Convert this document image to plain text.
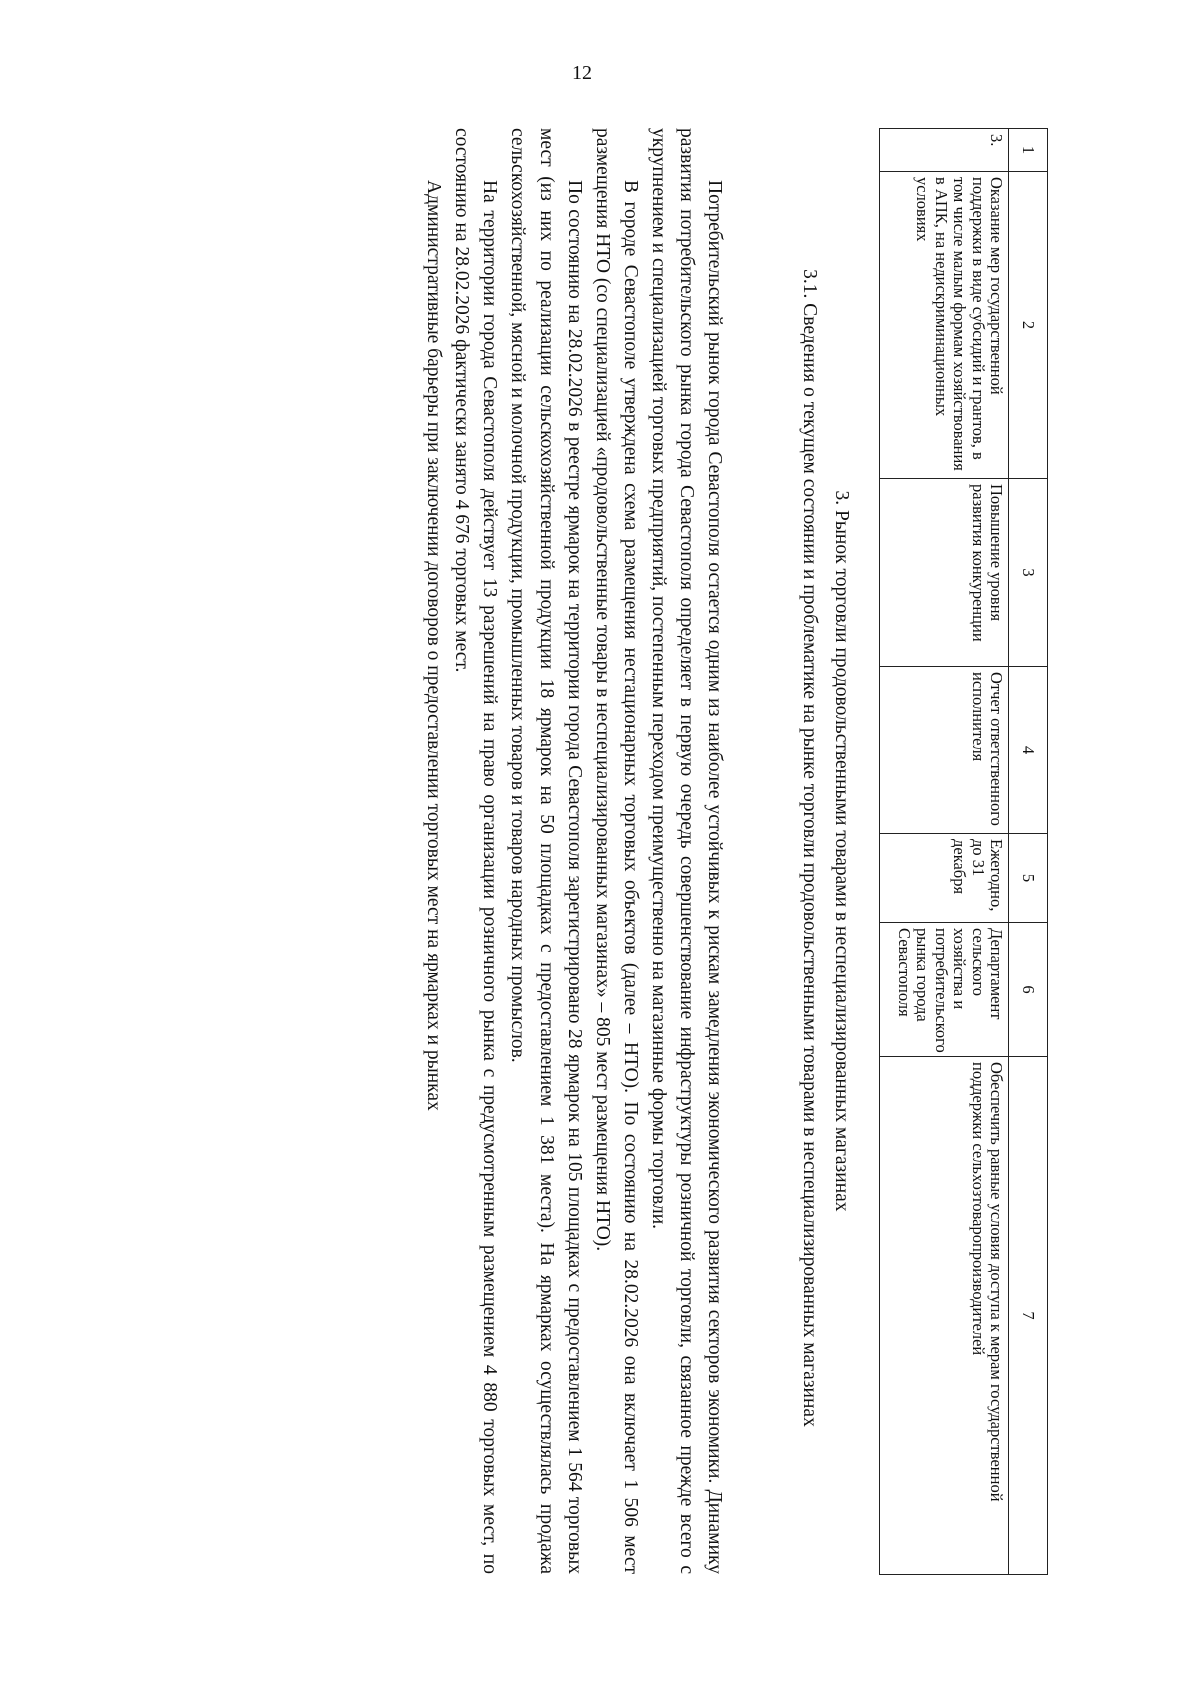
12
1	2	3	4	5	6	7
3.	Оказание мер государственной поддержки в виде субсидий и грантов, в том числе малым формам хозяйствования в АПК, на недискриминационных условиях	Повышение уровня развития конкуренции	Отчет ответственного исполнителя	Ежегодно, до 31 декабря	Департамент сельского хозяйства и потребительского рынка города Севастополя	Обеспечить равные условия доступа к мерам государственной поддержки сельхозтоваропроизводителей

3. Рынок торговли продовольственными товарами в неспециализированных магазинах

3.1. Сведения о текущем состоянии и проблематике на рынке торговли продовольственными товарами в неспециализированных магазинах

Потребительский рынок города Севастополя остается одним из наиболее устойчивых к рискам замедления экономического развития секторов экономики. Динамику развития потребительского рынка города Севастополя определяет в первую очередь совершенствование инфраструктуры розничной торговли, связанное прежде всего с укрупнением и специализацией торговых предприятий, постепенным переходом преимущественно на магазинные формы торговли.

В городе Севастополе утверждена схема размещения нестационарных торговых объектов (далее – НТО). По состоянию на 28.02.2026 она включает 1 506 мест размещения НТО (со специализацией «продовольственные товары в неспециализированных магазинах» – 805 мест размещения НТО).

По состоянию на 28.02.2026 в реестре ярмарок на территории города Севастополя зарегистрировано 28 ярмарок на 105 площадках с предоставлением 1 564 торговых мест (из них по реализации сельскохозяйственной продукции 18 ярмарок на 50 площадках с предоставлением 1 381 места). На ярмарках осуществлялась продажа сельскохозяйственной, мясной и молочной продукции, промышленных товаров и товаров народных промыслов.

На территории города Севастополя действует 13 разрешений на право организации розничного рынка с предусмотренным размещением 4 880 торговых мест, по состоянию на 28.02.2026 фактически занято 4 676 торговых мест.

Административные барьеры при заключении договоров о предоставлении торговых мест на ярмарках и рынках
